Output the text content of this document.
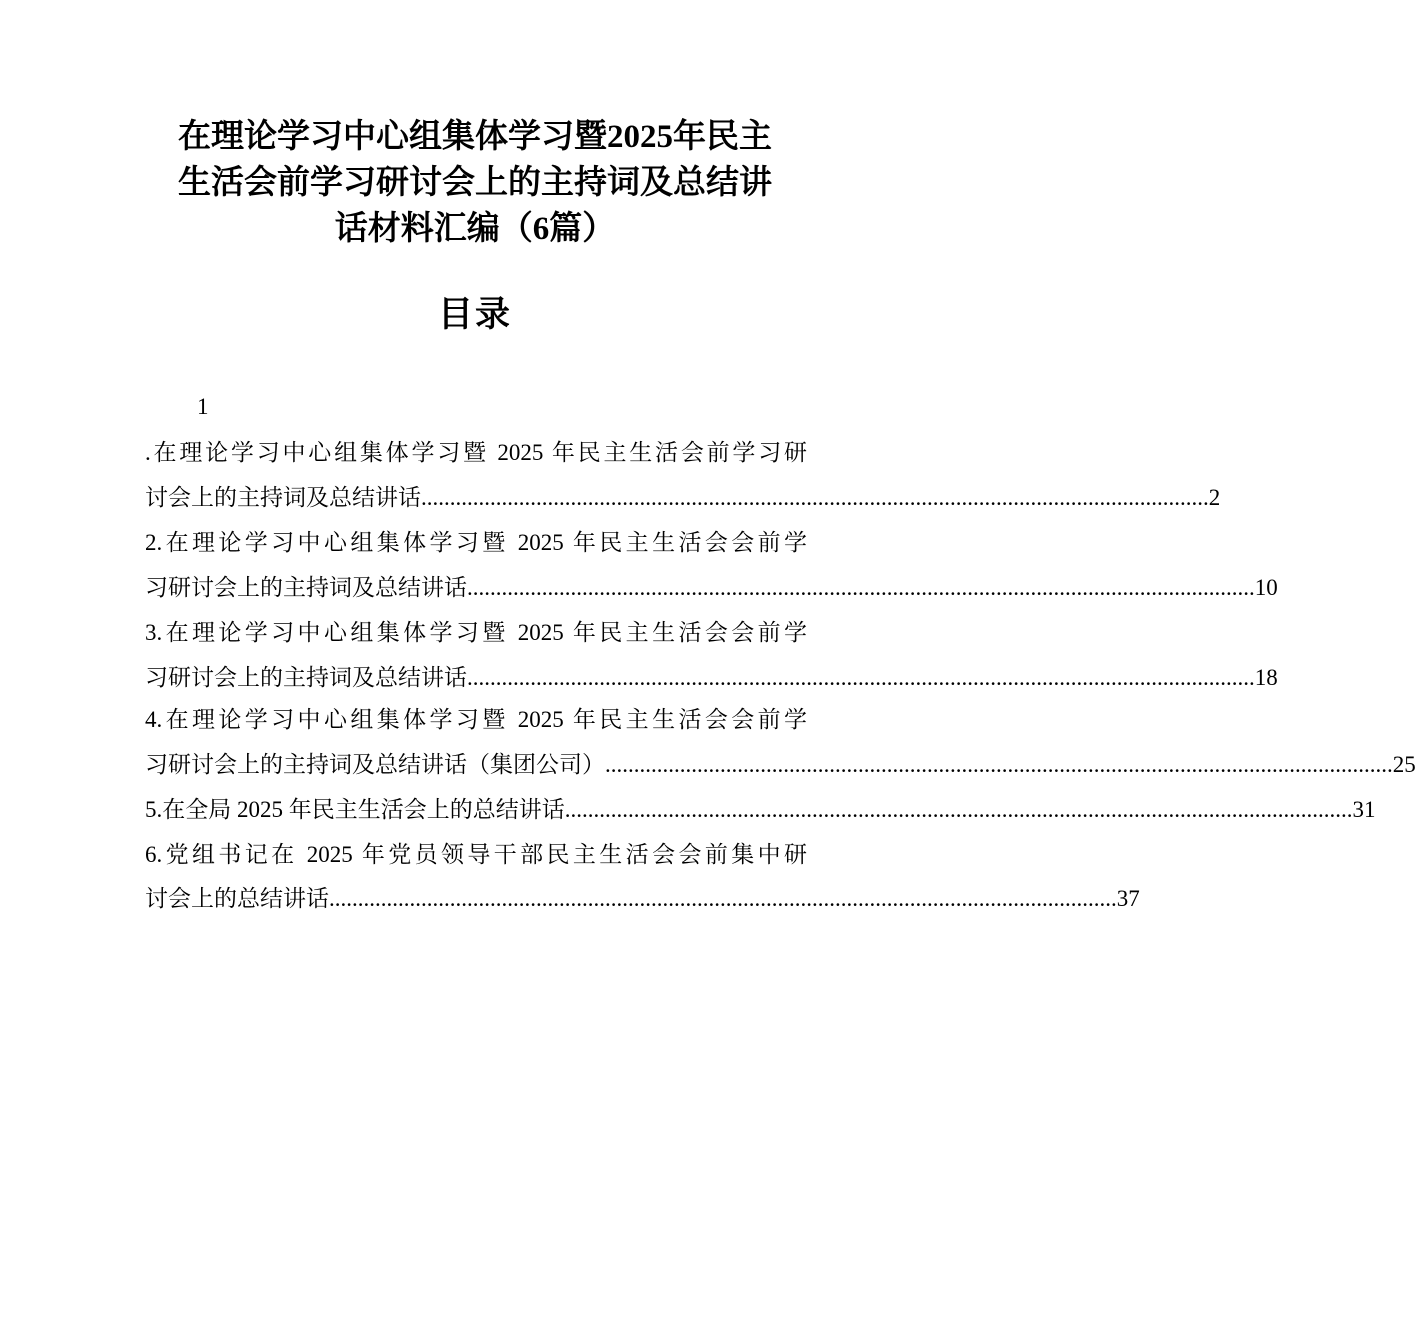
在理论学习中心组集体学习暨2025年民主
生活会前学习研讨会上的主持词及总结讲
话材料汇编（6篇）
目录
1
.在理论学习中心组集体学习暨 2025 年民主生活会前学习研
讨会上的主持词及总结讲话 ......................................................................................................................................... 2
2.在理论学习中心组集体学习暨 2025 年民主生活会会前学
习研讨会上的主持词及总结讲话 ......................................................................................................................................... 10
3.在理论学习中心组集体学习暨 2025 年民主生活会会前学
习研讨会上的主持词及总结讲话 ......................................................................................................................................... 18
4.在理论学习中心组集体学习暨 2025 年民主生活会会前学
习研讨会上的主持词及总结讲话（集团公司） ......................................................................................................................................... 25
5.在全局 2025 年民主生活会上的总结讲话 ......................................................................................................................................... 31
6.党组书记在 2025 年党员领导干部民主生活会会前集中研
讨会上的总结讲话 ......................................................................................................................................... 37
